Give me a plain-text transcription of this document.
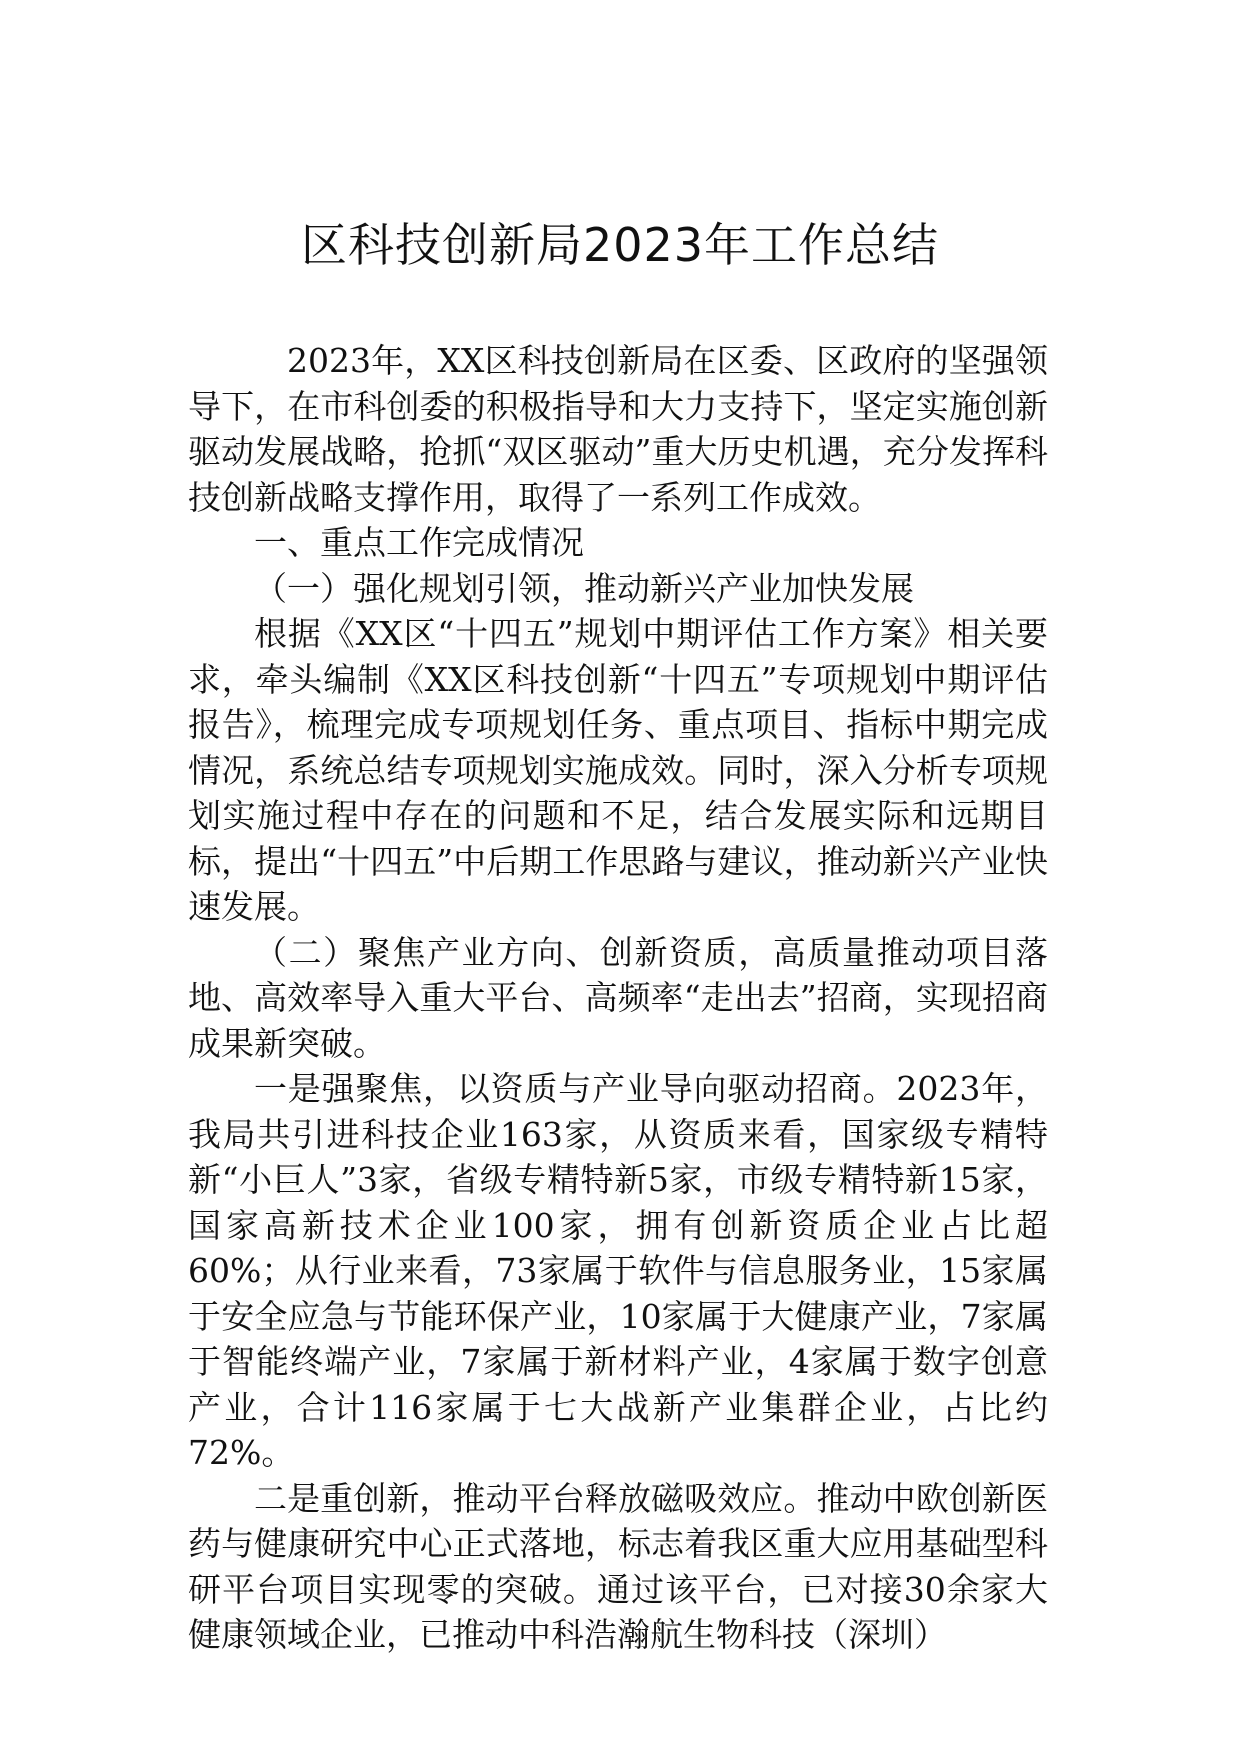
区科技创新局2023年工作总结

2023年，XX区科技创新局在区委、区政府的坚强领导下，在市科创委的积极指导和大力支持下，坚定实施创新驱动发展战略，抢抓“双区驱动”重大历史机遇，充分发挥科技创新战略支撑作用，取得了一系列工作成效。

一、重点工作完成情况

（一）强化规划引领，推动新兴产业加快发展

根据《XX区“十四五”规划中期评估工作方案》相关要求，牵头编制《XX区科技创新“十四五”专项规划中期评估报告》，梳理完成专项规划任务、重点项目、指标中期完成情况，系统总结专项规划实施成效。同时，深入分析专项规划实施过程中存在的问题和不足，结合发展实际和远期目标，提出“十四五”中后期工作思路与建议，推动新兴产业快速发展。

（二）聚焦产业方向、创新资质，高质量推动项目落地、高效率导入重大平台、高频率“走出去”招商，实现招商成果新突破。

一是强聚焦，以资质与产业导向驱动招商。2023年，我局共引进科技企业163家，从资质来看，国家级专精特新“小巨人”3家，省级专精特新5家，市级专精特新15家，国家高新技术企业100家，拥有创新资质企业占比超60%；从行业来看，73家属于软件与信息服务业，15家属于安全应急与节能环保产业，10家属于大健康产业，7家属于智能终端产业，7家属于新材料产业，4家属于数字创意产业，合计116家属于七大战新产业集群企业，占比约72%。

二是重创新，推动平台释放磁吸效应。推动中欧创新医药与健康研究中心正式落地，标志着我区重大应用基础型科研平台项目实现零的突破。通过该平台，已对接30余家大健康领域企业，已推动中科浩瀚航生物科技（深圳）
